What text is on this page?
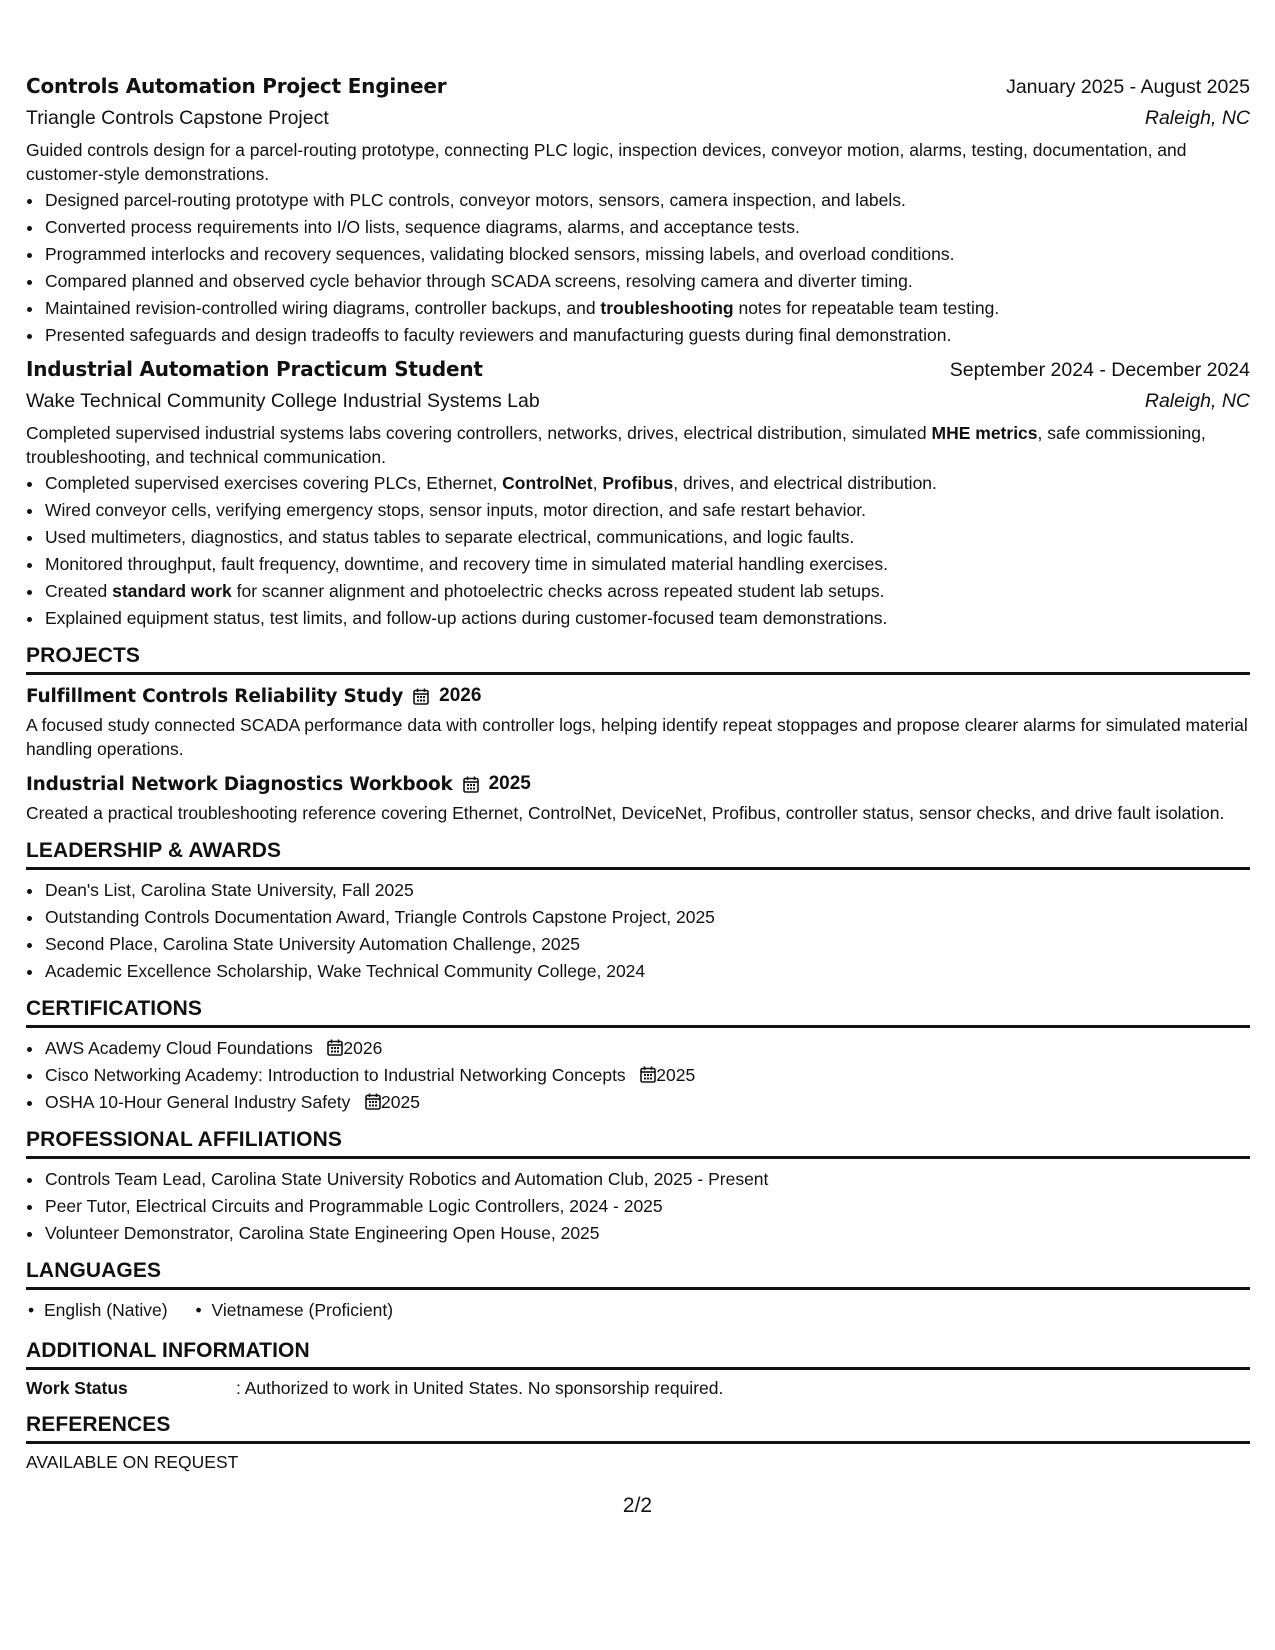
Controls Automation Project Engineer	January 2025 - August 2025
Triangle Controls Capstone Project	Raleigh, NC
Guided controls design for a parcel-routing prototype, connecting PLC logic, inspection devices, conveyor motion, alarms, testing, documentation, and customer-style demonstrations.
• Designed parcel-routing prototype with PLC controls, conveyor motors, sensors, camera inspection, and labels.
• Converted process requirements into I/O lists, sequence diagrams, alarms, and acceptance tests.
• Programmed interlocks and recovery sequences, validating blocked sensors, missing labels, and overload conditions.
• Compared planned and observed cycle behavior through SCADA screens, resolving camera and diverter timing.
• Maintained revision-controlled wiring diagrams, controller backups, and troubleshooting notes for repeatable team testing.
• Presented safeguards and design tradeoffs to faculty reviewers and manufacturing guests during final demonstration.
Industrial Automation Practicum Student	September 2024 - December 2024
Wake Technical Community College Industrial Systems Lab	Raleigh, NC
Completed supervised industrial systems labs covering controllers, networks, drives, electrical distribution, simulated MHE metrics, safe commissioning, troubleshooting, and technical communication.
• Completed supervised exercises covering PLCs, Ethernet, ControlNet, Profibus, drives, and electrical distribution.
• Wired conveyor cells, verifying emergency stops, sensor inputs, motor direction, and safe restart behavior.
• Used multimeters, diagnostics, and status tables to separate electrical, communications, and logic faults.
• Monitored throughput, fault frequency, downtime, and recovery time in simulated material handling exercises.
• Created standard work for scanner alignment and photoelectric checks across repeated student lab setups.
• Explained equipment status, test limits, and follow-up actions during customer-focused team demonstrations.
PROJECTS
Fulfillment Controls Reliability Study 2026
A focused study connected SCADA performance data with controller logs, helping identify repeat stoppages and propose clearer alarms for simulated material handling operations.
Industrial Network Diagnostics Workbook 2025
Created a practical troubleshooting reference covering Ethernet, ControlNet, DeviceNet, Profibus, controller status, sensor checks, and drive fault isolation.
LEADERSHIP & AWARDS
• Dean's List, Carolina State University, Fall 2025
• Outstanding Controls Documentation Award, Triangle Controls Capstone Project, 2025
• Second Place, Carolina State University Automation Challenge, 2025
• Academic Excellence Scholarship, Wake Technical Community College, 2024
CERTIFICATIONS
• AWS Academy Cloud Foundations 2026
• Cisco Networking Academy: Introduction to Industrial Networking Concepts 2025
• OSHA 10-Hour General Industry Safety 2025
PROFESSIONAL AFFILIATIONS
• Controls Team Lead, Carolina State University Robotics and Automation Club, 2025 - Present
• Peer Tutor, Electrical Circuits and Programmable Logic Controllers, 2024 - 2025
• Volunteer Demonstrator, Carolina State Engineering Open House, 2025
LANGUAGES
• English (Native)
•	Vietnamese (Proficient)
ADDITIONAL INFORMATION
Work Status	: Authorized to work in United States. No sponsorship required.
REFERENCES
AVAILABLE ON REQUEST
2/2
